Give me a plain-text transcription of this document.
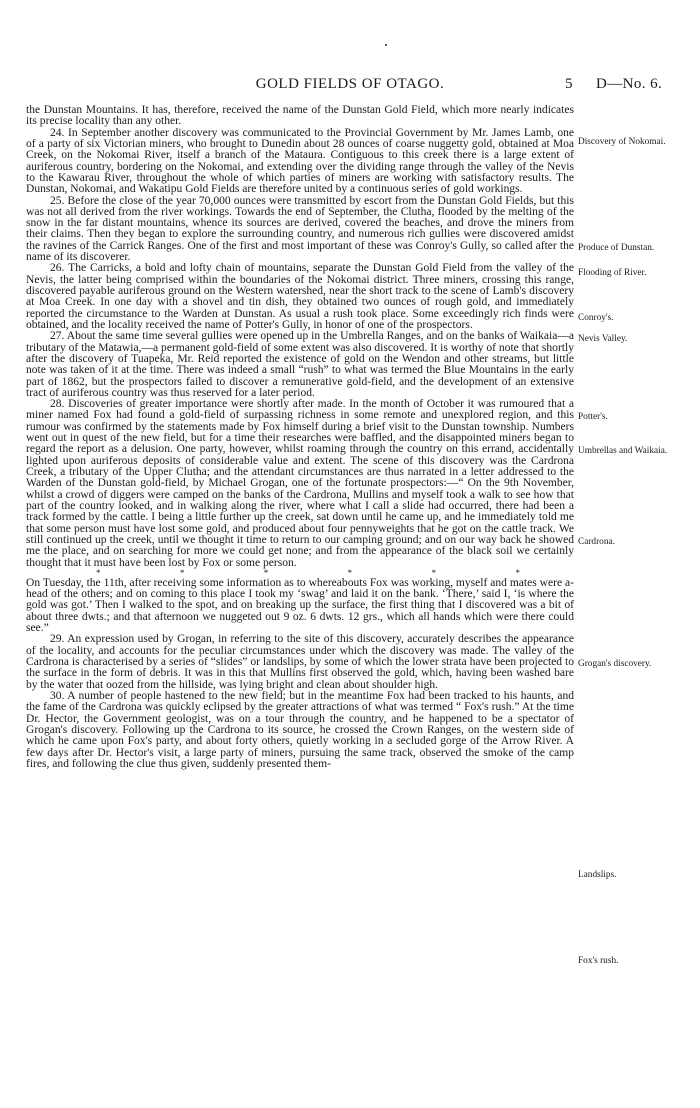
GOLD FIELDS OF OTAGO.	5 D—No. 6.

the Dunstan Mountains. It has, therefore, received the name of the Dunstan Gold Field, which more nearly indicates its precise locality than any other.

24. In September another discovery was communicated to the Provincial Government by Mr. James Lamb, one of a party of six Victorian miners, who brought to Dunedin about 28 ounces of coarse nuggetty gold, obtained at Moa Creek, on the Nokomai River, itself a branch of the Mataura. Contiguous to this creek there is a large extent of auriferous country, bordering on the Nokomai, and extending over the dividing range through the valley of the Nevis to the Kawarau River, throughout the whole of which parties of miners are working with satisfactory results. The Dunstan, Nokomai, and Wakatipu Gold Fields are therefore united by a continuous series of gold workings.

25. Before the close of the year 70,000 ounces were transmitted by escort from the Dunstan Gold Fields, but this was not all derived from the river workings. Towards the end of September, the Clutha, flooded by the melting of the snow in the far distant mountains, whence its sources are derived, covered the beaches, and drove the miners from their claims. Then they began to explore the surrounding country, and numerous rich gullies were discovered amidst the ravines of the Carrick Ranges. One of the first and most important of these was Conroy's Gully, so called after the name of its discoverer.

26. The Carricks, a bold and lofty chain of mountains, separate the Dunstan Gold Field from the valley of the Nevis, the latter being comprised within the boundaries of the Nokomai district. Three miners, crossing this range, discovered payable auriferous ground on the Western watershed, near the short track to the scene of Lamb's discovery at Moa Creek. In one day with a shovel and tin dish, they obtained two ounces of rough gold, and immediately reported the circumstance to the Warden at Dunstan. As usual a rush took place. Some exceedingly rich finds were obtained, and the locality received the name of Potter's Gully, in honor of one of the prospectors.

27. About the same time several gullies were opened up in the Umbrella Ranges, and on the banks of Waikaia—a tributary of the Matawia,—a permanent gold-field of some extent was also discovered. It is worthy of note that shortly after the discovery of Tuapeka, Mr. Reid reported the existence of gold on the Wendon and other streams, but little note was taken of it at the time. There was indeed a small “rush” to what was termed the Blue Mountains in the early part of 1862, but the prospectors failed to discover a remunerative gold-field, and the development of an extensive tract of auriferous country was thus reserved for a later period.

28. Discoveries of greater importance were shortly after made. In the month of October it was rumoured that a miner named Fox had found a gold-field of surpassing richness in some remote and unexplored region, and this rumour was confirmed by the statements made by Fox himself during a brief visit to the Dunstan township. Numbers went out in quest of the new field, but for a time their researches were baffled, and the disappointed miners began to regard the report as a delusion. One party, however, whilst roaming through the country on this errand, accidentally lighted upon auriferous deposits of considerable value and extent. The scene of this discovery was the Cardrona Creek, a tributary of the Upper Clutha; and the attendant circumstances are thus narrated in a letter addressed to the Warden of the Dunstan gold-field, by Michael Grogan, one of the fortunate prospectors:—“ On the 9th November, whilst a crowd of diggers were camped on the banks of the Cardrona, Mullins and myself took a walk to see how that part of the country looked, and in walking along the river, where what I call a slide had occurred, there had been a track formed by the cattle. I being a little further up the creek, sat down until he came up, and he immediately told me that some person must have lost some gold, and produced about four pennyweights that he got on the cattle track. We still continued up the creek, until we thought it time to return to our camping ground; and on our way back he showed me the place, and on searching for more we could get none; and from the appearance of the black soil we certainly thought that it must have been lost by Fox or some person.

*	*	*	*	*	*

On Tuesday, the 11th, after receiving some information as to whereabouts Fox was working, myself and mates were a-head of the others; and on coming to this place I took my ‘swag’ and laid it on the bank. ‘There,’ said I, ‘is where the gold was got.’ Then I walked to the spot, and on breaking up the surface, the first thing that I discovered was a bit of about three dwts.; and that afternoon we nuggeted out 9 oz. 6 dwts. 12 grs., which all hands which were there could see.”

29. An expression used by Grogan, in referring to the site of this discovery, accurately describes the appearance of the locality, and accounts for the peculiar circumstances under which the discovery was made. The valley of the Cardrona is characterised by a series of “slides” or landslips, by some of which the lower strata have been projected to the surface in the form of debris. It was in this that Mullins first observed the gold, which, having been washed bare by the water that oozed from the hillside, was lying bright and clean about shoulder high.

30. A number of people hastened to the new field; but in the meantime Fox had been tracked to his haunts, and the fame of the Cardrona was quickly eclipsed by the greater attractions of what was termed “ Fox's rush.” At the time Dr. Hector, the Government geologist, was on a tour through the country, and he happened to be a spectator of Grogan's discovery. Following up the Cardrona to its source, he crossed the Crown Ranges, on the western side of which he came upon Fox's party, and about forty others, quietly working in a secluded gorge of the Arrow River. A few days after Dr. Hector's visit, a large party of miners, pursuing the same track, observed the smoke of the camp fires, and following the clue thus given, suddenly presented them-

Discovery of Nokomai.
Produce of Dunstan.
Flooding of River.
Conroy's.
Nevis Valley.
Potter's.
Umbrellas and Waikaia.
Cardrona.
Grogan's discovery.
Landslips.
Fox's rush.
